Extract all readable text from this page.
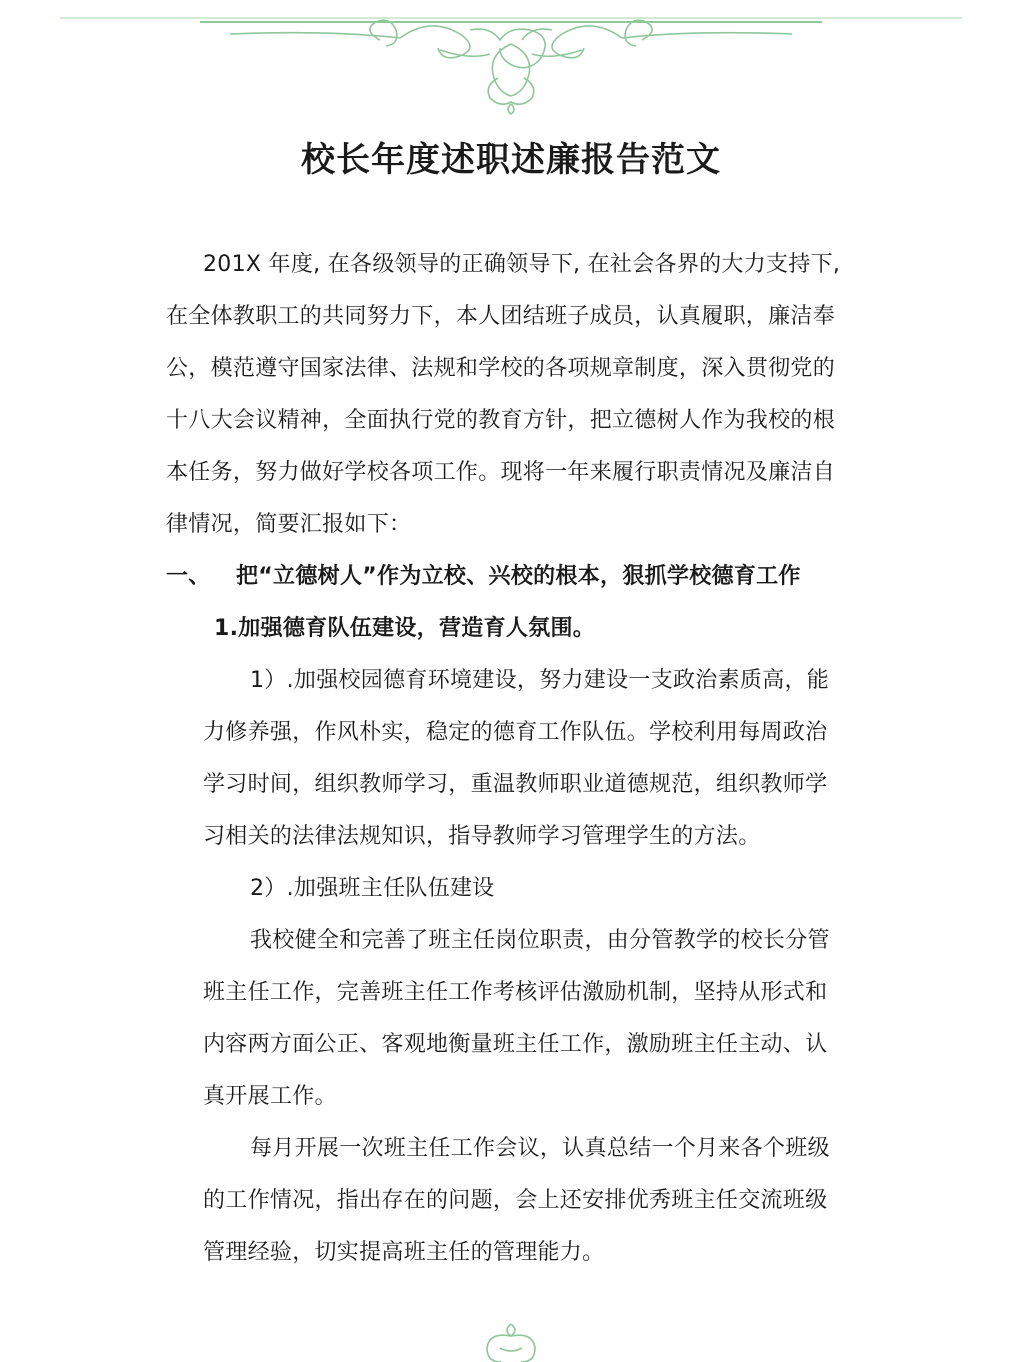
校长年度述职述廉报告范文
201X 年度, 在各级领导的正确领导下, 在社会各界的大力支持下,
在全体教职工的共同努力下，本人团结班子成员，认真履职，廉洁奉
公，模范遵守国家法律、法规和学校的各项规章制度，深入贯彻党的
十八大会议精神，全面执行党的教育方针，把立德树人作为我校的根
本任务，努力做好学校各项工作。现将一年来履行职责情况及廉洁自
律情况，简要汇报如下：
一、 把“立德树人”作为立校、兴校的根本，狠抓学校德育工作
1.加强德育队伍建设，营造育人氛围。
1）.加强校园德育环境建设，努力建设一支政治素质高，能
力修养强，作风朴实，稳定的德育工作队伍。学校利用每周政治
学习时间，组织教师学习，重温教师职业道德规范，组织教师学
习相关的法律法规知识，指导教师学习管理学生的方法。
2）.加强班主任队伍建设
我校健全和完善了班主任岗位职责，由分管教学的校长分管
班主任工作，完善班主任工作考核评估激励机制，坚持从形式和
内容两方面公正、客观地衡量班主任工作，激励班主任主动、认
真开展工作。
每月开展一次班主任工作会议，认真总结一个月来各个班级
的工作情况，指出存在的问题，会上还安排优秀班主任交流班级
管理经验，切实提高班主任的管理能力。
